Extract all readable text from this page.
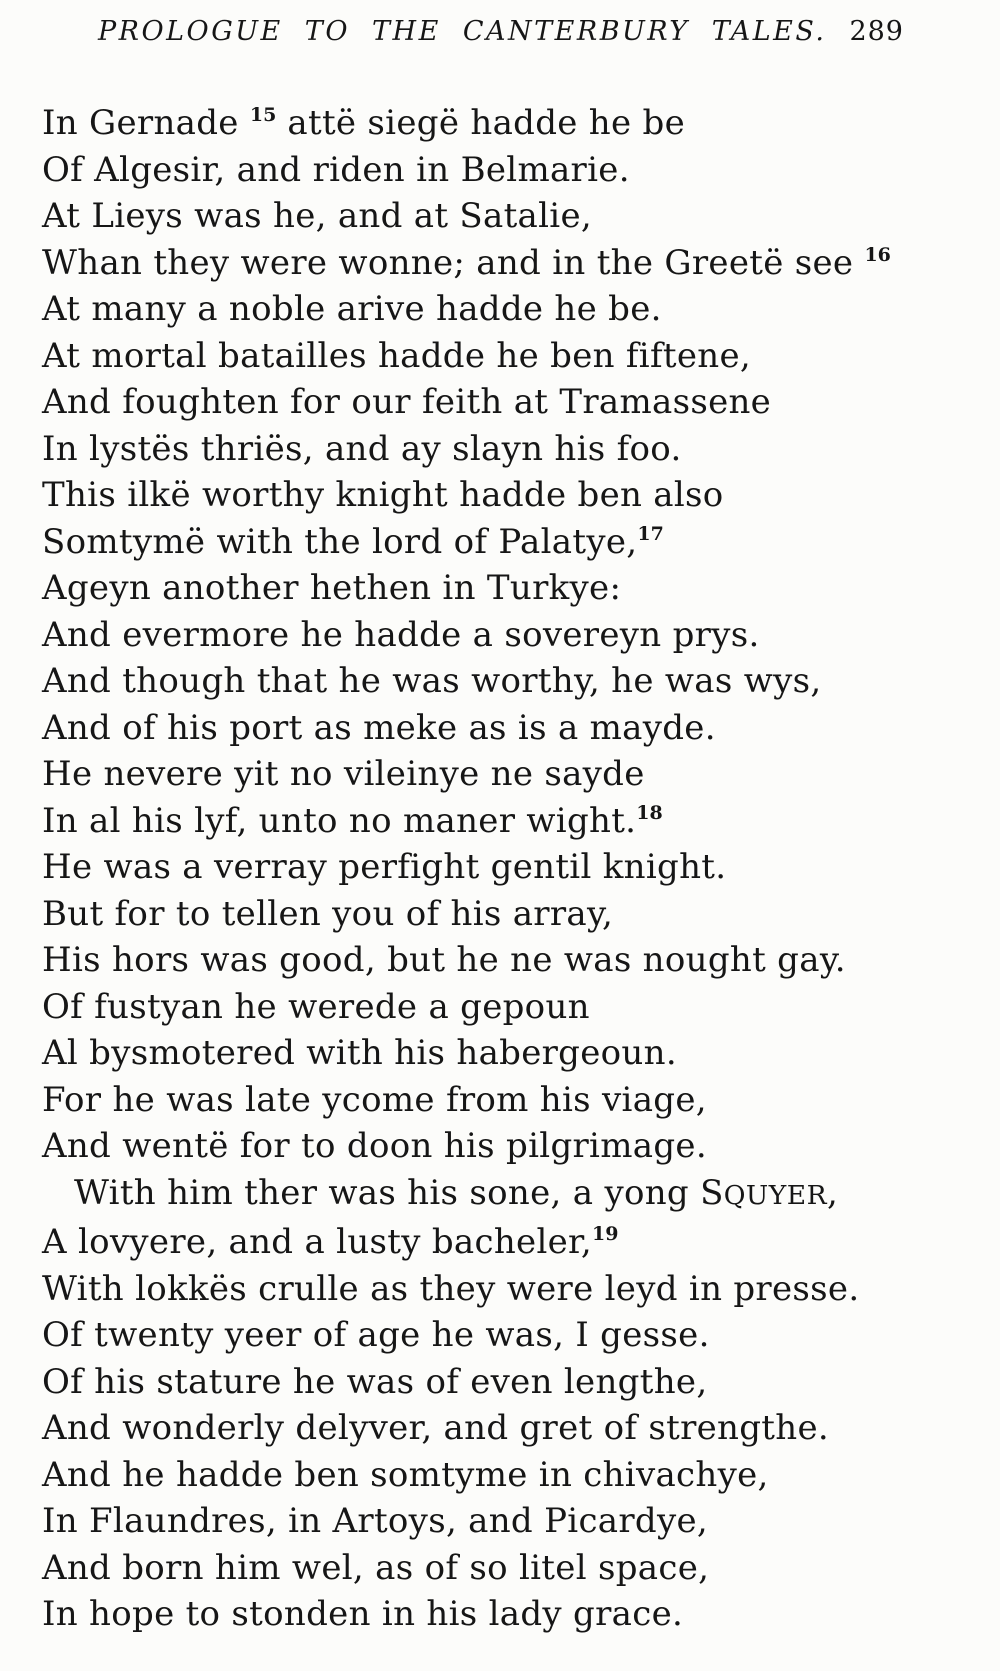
PROLOGUE TO THE CANTERBURY TALES. 289
In Gernade $^{15}$ attë siegë hadde he be
Of Algesir, and riden in Belmarie.
At Lieys was he, and at Satalie,
Whan they were wonne; and in the Greetë see $^{16}$
At many a noble arive hadde he be.
At mortal batailles hadde he ben fiftene,
And foughten for our feith at Tramassene
In lystës thriës, and ay slayn his foo.
This ilkë worthy knight hadde ben also
Somtymë with the lord of Palatye,$^{17}$
Ageyn another hethen in Turkye:
And evermore he hadde a sovereyn prys.
And though that he was worthy, he was wys,
And of his port as meke as is a mayde.
He nevere yit no vileinye ne sayde
In al his lyf, unto no maner wight.$^{18}$
He was a verray perfight gentil knight.
But for to tellen you of his array,
His hors was good, but he ne was nought gay.
Of fustyan he werede a gepoun
Al bysmotered with his habergeoun.
For he was late ycome from his viage,
And wentë for to doon his pilgrimage.
With him ther was his sone, a yong SQUYER,
A lovyere, and a lusty bacheler,$^{19}$
With lokkës crulle as they were leyd in presse.
Of twenty yeer of age he was, I gesse.
Of his stature he was of even lengthe,
And wonderly delyver, and gret of strengthe.
And he hadde ben somtyme in chivachye,
In Flaundres, in Artoys, and Picardye,
And born him wel, as of so litel space,
In hope to stonden in his lady grace.
